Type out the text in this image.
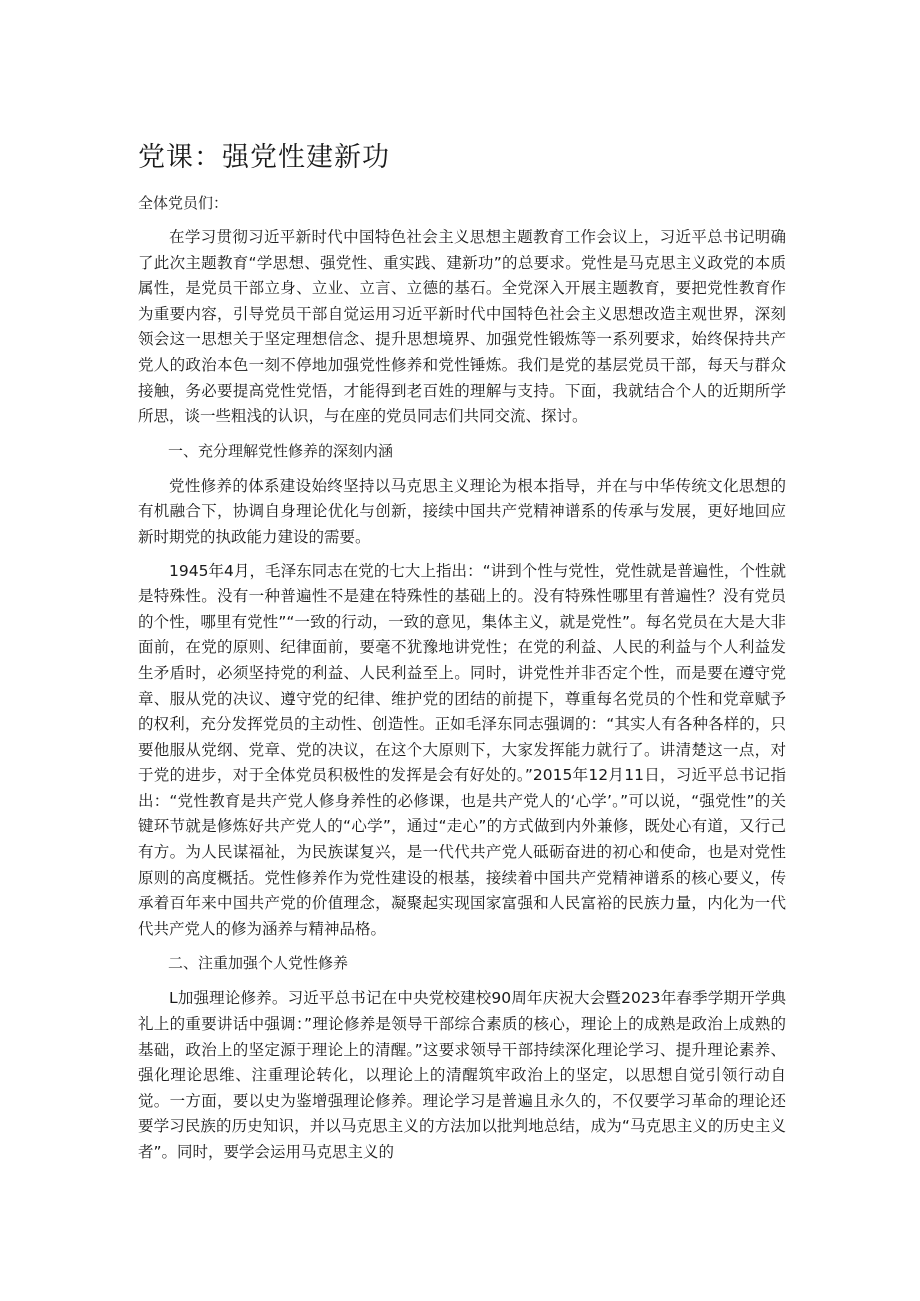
党课：强党性建新功

全体党员们：

在学习贯彻习近平新时代中国特色社会主义思想主题教育工作会议上，习近平总书记明确了此次主题教育“学思想、强党性、重实践、建新功”的总要求。党性是马克思主义政党的本质属性，是党员干部立身、立业、立言、立德的基石。全党深入开展主题教育，要把党性教育作为重要内容，引导党员干部自觉运用习近平新时代中国特色社会主义思想改造主观世界，深刻领会这一思想关于坚定理想信念、提升思想境界、加强党性锻炼等一系列要求，始终保持共产党人的政治本色一刻不停地加强党性修养和党性锤炼。我们是党的基层党员干部，每天与群众接触，务必要提高党性党悟，才能得到老百姓的理解与支持。下面，我就结合个人的近期所学所思，谈一些粗浅的认识，与在座的党员同志们共同交流、探讨。

一、充分理解党性修养的深刻内涵

党性修养的体系建设始终坚持以马克思主义理论为根本指导，并在与中华传统文化思想的有机融合下，协调自身理论优化与创新，接续中国共产党精神谱系的传承与发展，更好地回应新时期党的执政能力建设的需要。

1945年4月，毛泽东同志在党的七大上指出：“讲到个性与党性，党性就是普遍性，个性就是特殊性。没有一种普遍性不是建在特殊性的基础上的。没有特殊性哪里有普遍性？没有党员的个性，哪里有党性”“一致的行动，一致的意见，集体主义，就是党性”。每名党员在大是大非面前，在党的原则、纪律面前，要毫不犹豫地讲党性；在党的利益、人民的利益与个人利益发生矛盾时，必须坚持党的利益、人民利益至上。同时，讲党性并非否定个性，而是要在遵守党章、服从党的决议、遵守党的纪律、维护党的团结的前提下，尊重每名党员的个性和党章赋予的权利，充分发挥党员的主动性、创造性。正如毛泽东同志强调的：“其实人有各种各样的，只要他服从党纲、党章、党的决议，在这个大原则下，大家发挥能力就行了。讲清楚这一点，对于党的进步，对于全体党员积极性的发挥是会有好处的。”2015年12月11日，习近平总书记指出：“党性教育是共产党人修身养性的必修课，也是共产党人的‘心学’。”可以说，“强党性”的关键环节就是修炼好共产党人的“心学”，通过“走心”的方式做到内外兼修，既处心有道，又行己有方。为人民谋福祉，为民族谋复兴，是一代代共产党人砥砺奋进的初心和使命，也是对党性原则的高度概括。党性修养作为党性建设的根基，接续着中国共产党精神谱系的核心要义，传承着百年来中国共产党的价值理念，凝聚起实现国家富强和人民富裕的民族力量，内化为一代代共产党人的修为涵养与精神品格。

二、注重加强个人党性修养

L加强理论修养。习近平总书记在中央党校建校90周年庆祝大会暨2023年春季学期开学典礼上的重要讲话中强调：”理论修养是领导干部综合素质的核心，理论上的成熟是政治上成熟的基础，政治上的坚定源于理论上的清醒。”这要求领导干部持续深化理论学习、提升理论素养、强化理论思维、注重理论转化，以理论上的清醒筑牢政治上的坚定，以思想自觉引领行动自觉。一方面，要以史为鉴增强理论修养。理论学习是普遍且永久的，不仅要学习革命的理论还要学习民族的历史知识，并以马克思主义的方法加以批判地总结，成为“马克思主义的历史主义者”。同时，要学会运用马克思主义的
